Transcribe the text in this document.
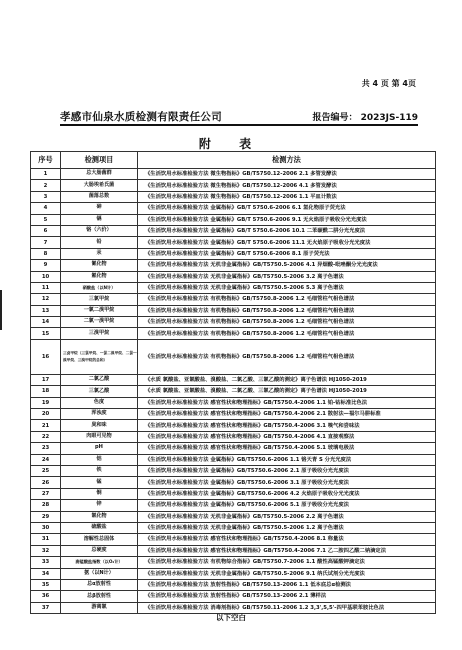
共 4 页 第 4页
孝感市仙泉水质检测有限责任公司	报告编号： 2023JS-119
附 表
序号	检测项目	检测方法
1	总大肠菌群	《生活饮用水标准检验方法 微生物指标》GB/T5750.12-2006 2.1 多管发酵法
2	大肠埃希氏菌	《生活饮用水标准检验方法 微生物指标》GB/T5750.12-2006 4.1 多管发酵法
3	菌落总数	《生活饮用水标准检验方法 微生物指标》GB/T5750.12-2006 1.1 平皿计数法
4	砷	《生活饮用水标准检验方法 金属指标》GB/T 5750.6-2006 6.1 氢化物原子荧光法
5	镉	《生活饮用水标准检验方法 金属指标》GB/T 5750.6-2006 9.1 无火焰原子吸收分光光度法
6	铬（六价）	《生活饮用水标准检验方法 金属指标》GB/T 5750.6-2006 10.1 二苯碳酰二肼分光光度法
7	铅	《生活饮用水标准检验方法 金属指标》GB/T 5750.6-2006 11.1 无火焰原子吸收分光光度法
8	汞	《生活饮用水标准检验方法 金属指标》GB/T 5750.6-2006 8.1 原子荧光法
9	氰化物	《生活饮用水标准检验方法 无机非金属指标》GB/T5750.5-2006 4.1 异烟酸-吡唑酮分光光度法
10	氟化物	《生活饮用水标准检验方法 无机非金属指标》GB/T5750.5-2006 3.2 离子色谱法
11	硝酸盐（以N计）	《生活饮用水标准检验方法 无机非金属指标》GB/T5750.5-2006 5.3 离子色谱法
12	三氯甲烷	《生活饮用水标准检验方法 有机物指标》GB/T5750.8-2006 1.2 毛细管柱气相色谱法
13	一氯二溴甲烷	《生活饮用水标准检验方法 有机物指标》GB/T5750.8-2006 1.2 毛细管柱气相色谱法
14	二氯一溴甲烷	《生活饮用水标准检验方法 有机物指标》GB/T5750.8-2006 1.2 毛细管柱气相色谱法
15	三溴甲烷	《生活饮用水标准检验方法 有机物指标》GB/T5750.8-2006 1.2 毛细管柱气相色谱法
16	三卤甲烷（三氯甲烷、一氯二溴甲烷、二氯一溴甲烷、三溴甲烷的总和）	《生活饮用水标准检验方法 有机物指标》GB/T5750.8-2006 1.2 毛细管柱气相色谱法
17	二氯乙酸	《水质 氯酸盐、亚氯酸盐、溴酸盐、二氯乙酸、三氯乙酸的测定》离子色谱法 HJ1050-2019
18	三氯乙酸	《水质 氯酸盐、亚氯酸盐、溴酸盐、二氯乙酸、三氯乙酸的测定》离子色谱法 HJ1050-2019
19	色度	《生活饮用水标准检验方法 感官性状和物理指标》GB/T5750.4-2006 1.1 铂-钴标准比色法
20	浑浊度	《生活饮用水标准检验方法 感官性状和物理指标》GB/T5750.4-2006 2.1 散射法—福尔马肼标准
21	臭和味	《生活饮用水标准检验方法 感官性状和物理指标》GB/T5750.4-2006 3.1 嗅气和尝味法
22	肉眼可见物	《生活饮用水标准检验方法 感官性状和物理指标》GB/T5750.4-2006 4.1 直接观察法
23	pH	《生活饮用水标准检验方法 感官性状和物理指标》GB/T5750.4-2006 5.1 玻璃电极法
24	铝	《生活饮用水标准检验方法 金属指标》GB/T5750.6-2006 1.1 铬天青 S 分光光度法
25	铁	《生活饮用水标准检验方法 金属指标》GB/T5750.6-2006 2.1 原子吸收分光光度法
26	锰	《生活饮用水标准检验方法 金属指标》GB/T5750.6-2006 3.1 原子吸收分光光度法
27	铜	《生活饮用水标准检验方法 金属指标》GB/T5750.6-2006 4.2 火焰原子吸收分光光度法
28	锌	《生活饮用水标准检验方法 金属指标》GB/T5750.6-2006 5.1 原子吸收分光光度法
29	氯化物	《生活饮用水标准检验方法 无机非金属指标》GB/T5750.5-2006 2.2 离子色谱法
30	硫酸盐	《生活饮用水标准检验方法 无机非金属指标》GB/T5750.5-2006 1.2 离子色谱法
31	溶解性总固体	《生活饮用水标准检验方法 感官性状和物理指标》GB/T5750.4-2006 8.1 称量法
32	总硬度	《生活饮用水标准检验方法 感官性状和物理指标》GB/T5750.4-2006 7.1 乙二胺四乙酸二钠滴定法
33	高锰酸盐指数（以O₂计）	《生活饮用水标准检验方法 有机物综合指标》GB/T5750.7-2006 1.1 酸性高锰酸钾滴定法
34	氨（以N计）	《生活饮用水标准检验方法 无机非金属指标》GB/T5750.5-2006 9.1 纳氏试剂分光光度法
35	总α放射性	《生活饮用水标准检验方法 放射性指标》GB/T5750.13-2006 1.1 低本底总α检测法
36	总β放射性	《生活饮用水标准检验方法 放射性指标》GB/T5750.13-2006 2.1 薄样法
37	游离氯	《生活饮用水标准检验方法 消毒剂指标》GB/T5750.11-2006 1.2 3,3',5,5'-四甲基联苯胺比色法
以下空白
